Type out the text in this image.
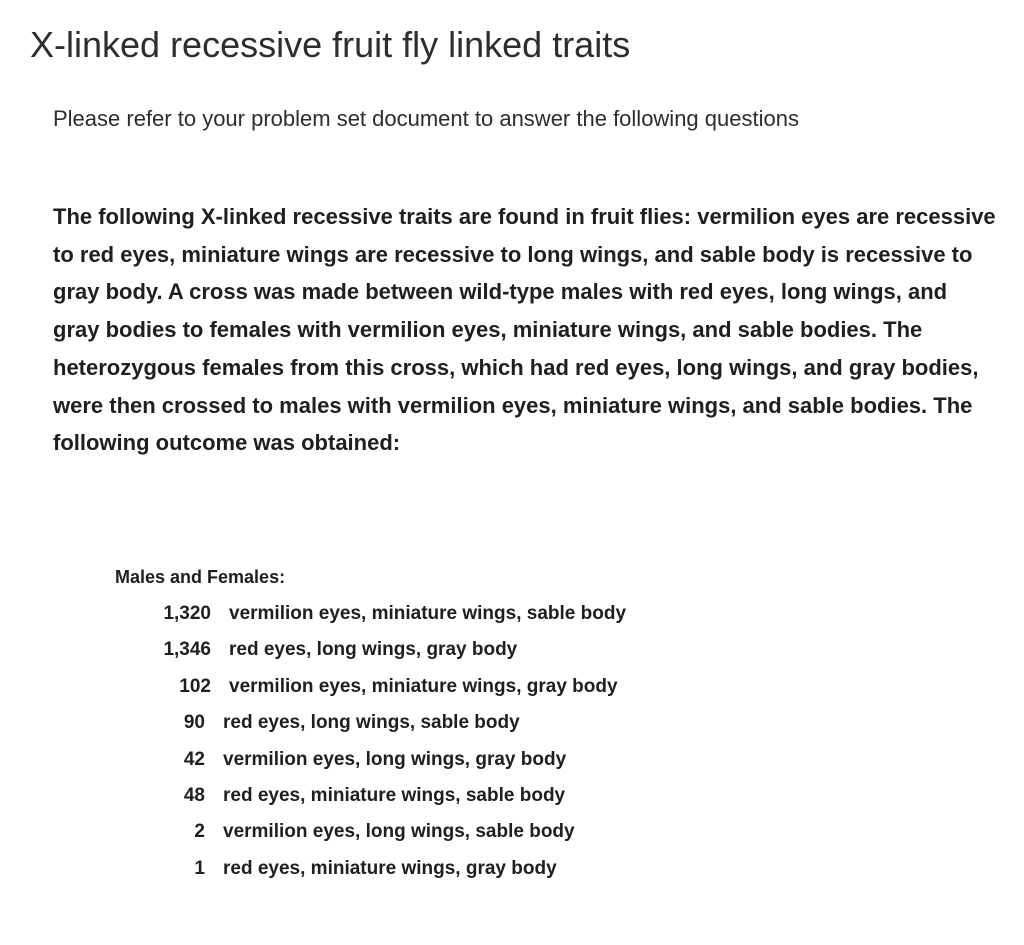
X-linked recessive fruit fly linked traits

Please refer to your problem set document to answer the following questions

The following X-linked recessive traits are found in fruit flies: vermilion eyes are recessive to red eyes, miniature wings are recessive to long wings, and sable body is recessive to gray body. A cross was made between wild-type males with red eyes, long wings, and gray bodies to females with vermilion eyes, miniature wings, and sable bodies. The heterozygous females from this cross, which had red eyes, long wings, and gray bodies, were then crossed to males with vermilion eyes, miniature wings, and sable bodies. The following outcome was obtained:

Males and Females:

1,320 vermilion eyes, miniature wings, sable body
1,346 red eyes, long wings, gray body
102 vermilion eyes, miniature wings, gray body
90 red eyes, long wings, sable body
42 vermilion eyes, long wings, gray body
48 red eyes, miniature wings, sable body
2 vermilion eyes, long wings, sable body
1 red eyes, miniature wings, gray body
